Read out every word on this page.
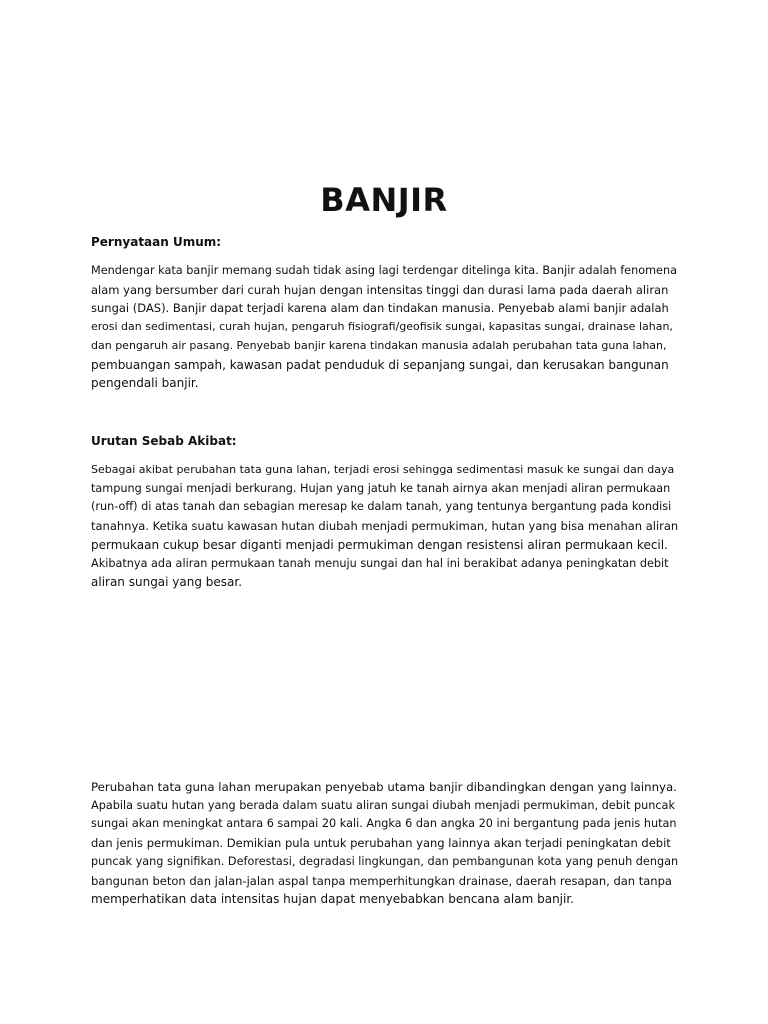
BANJIR

Pernyataan Umum:

Mendengar kata banjir memang sudah tidak asing lagi terdengar ditelinga kita. Banjir adalah fenomena
alam yang bersumber dari curah hujan dengan intensitas tinggi dan durasi lama pada daerah aliran
sungai (DAS). Banjir dapat terjadi karena alam dan tindakan manusia. Penyebab alami banjir adalah
erosi dan sedimentasi, curah hujan, pengaruh fisiografi/geofisik sungai, kapasitas sungai, drainase lahan,
dan pengaruh air pasang. Penyebab banjir karena tindakan manusia adalah perubahan tata guna lahan,
pembuangan sampah, kawasan padat penduduk di sepanjang sungai, dan kerusakan bangunan
pengendali banjir.

Urutan Sebab Akibat:

Sebagai akibat perubahan tata guna lahan, terjadi erosi sehingga sedimentasi masuk ke sungai dan daya
tampung sungai menjadi berkurang. Hujan yang jatuh ke tanah airnya akan menjadi aliran permukaan
(run-off) di atas tanah dan sebagian meresap ke dalam tanah, yang tentunya bergantung pada kondisi
tanahnya. Ketika suatu kawasan hutan diubah menjadi permukiman, hutan yang bisa menahan aliran
permukaan cukup besar diganti menjadi permukiman dengan resistensi aliran permukaan kecil.
Akibatnya ada aliran permukaan tanah menuju sungai dan hal ini berakibat adanya peningkatan debit
aliran sungai yang besar.
Perubahan tata guna lahan merupakan penyebab utama banjir dibandingkan dengan yang lainnya.
Apabila suatu hutan yang berada dalam suatu aliran sungai diubah menjadi permukiman, debit puncak
sungai akan meningkat antara 6 sampai 20 kali. Angka 6 dan angka 20 ini bergantung pada jenis hutan
dan jenis permukiman. Demikian pula untuk perubahan yang lainnya akan terjadi peningkatan debit
puncak yang signifikan. Deforestasi, degradasi lingkungan, dan pembangunan kota yang penuh dengan
bangunan beton dan jalan-jalan aspal tanpa memperhitungkan drainase, daerah resapan, dan tanpa
memperhatikan data intensitas hujan dapat menyebabkan bencana alam banjir.
